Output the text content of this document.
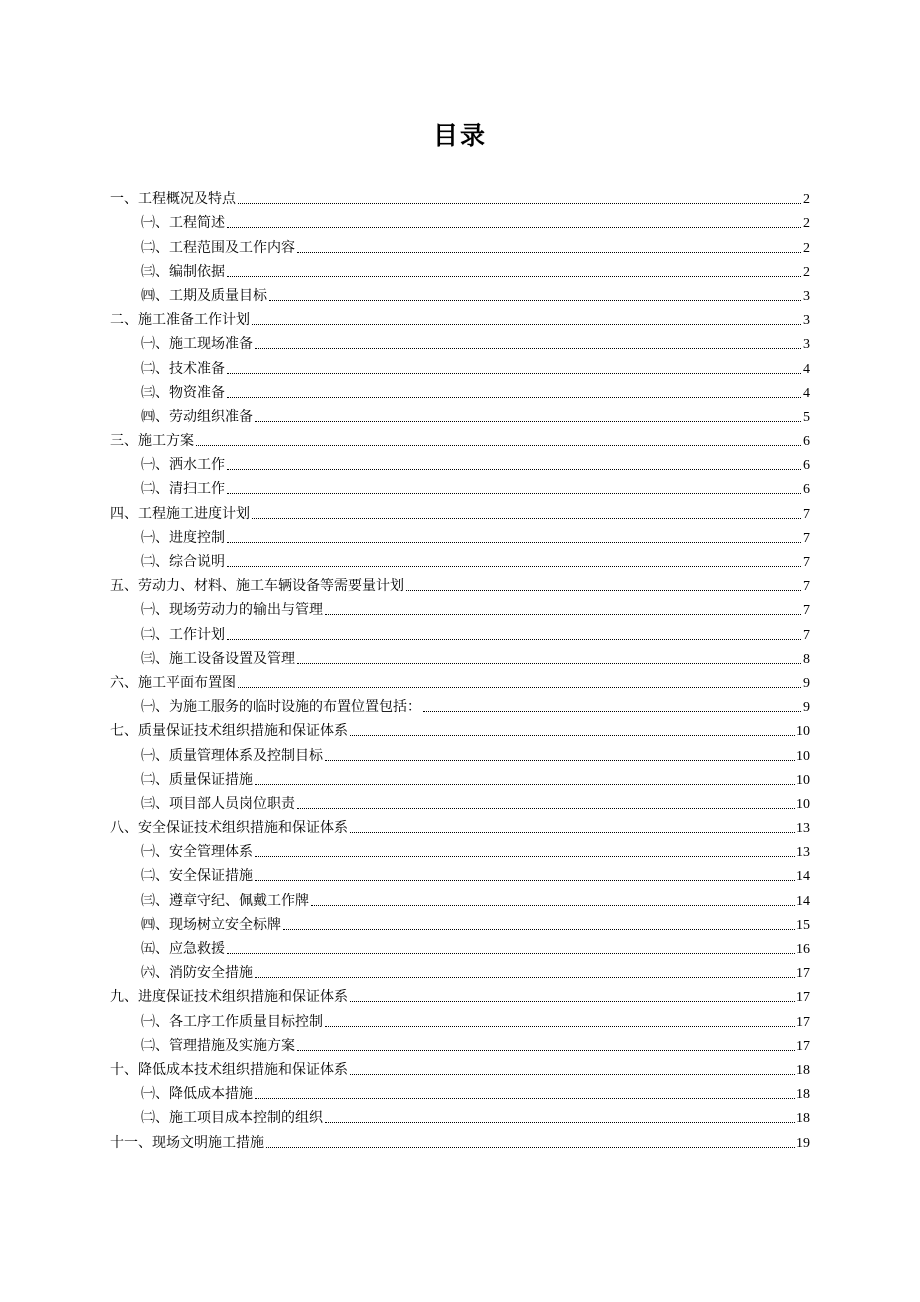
目录
一、工程概况及特点	2
㈠、工程简述	2
㈡、工程范围及工作内容	2
㈢、编制依据	2
㈣、工期及质量目标	3
二、施工准备工作计划	3
㈠、施工现场准备	3
㈡、技术准备	4
㈢、物资准备	4
㈣、劳动组织准备	5
三、施工方案	6
㈠、洒水工作	6
㈡、清扫工作	6
四、工程施工进度计划	7
㈠、进度控制	7
㈡、综合说明	7
五、劳动力、材料、施工车辆设备等需要量计划	7
㈠、现场劳动力的输出与管理	7
㈡、工作计划	7
㈢、施工设备设置及管理	8
六、施工平面布置图	9
㈠、为施工服务的临时设施的布置位置包括：	9
七、质量保证技术组织措施和保证体系	10
㈠、质量管理体系及控制目标	10
㈡、质量保证措施	10
㈢、项目部人员岗位职责	10
八、安全保证技术组织措施和保证体系	13
㈠、安全管理体系	13
㈡、安全保证措施	14
㈢、遵章守纪、佩戴工作牌	14
㈣、现场树立安全标牌	15
㈤、应急救援	16
㈥、消防安全措施	17
九、进度保证技术组织措施和保证体系	17
㈠、各工序工作质量目标控制	17
㈡、管理措施及实施方案	17
十、降低成本技术组织措施和保证体系	18
㈠、降低成本措施	18
㈡、施工项目成本控制的组织	18
十一、现场文明施工措施	19
